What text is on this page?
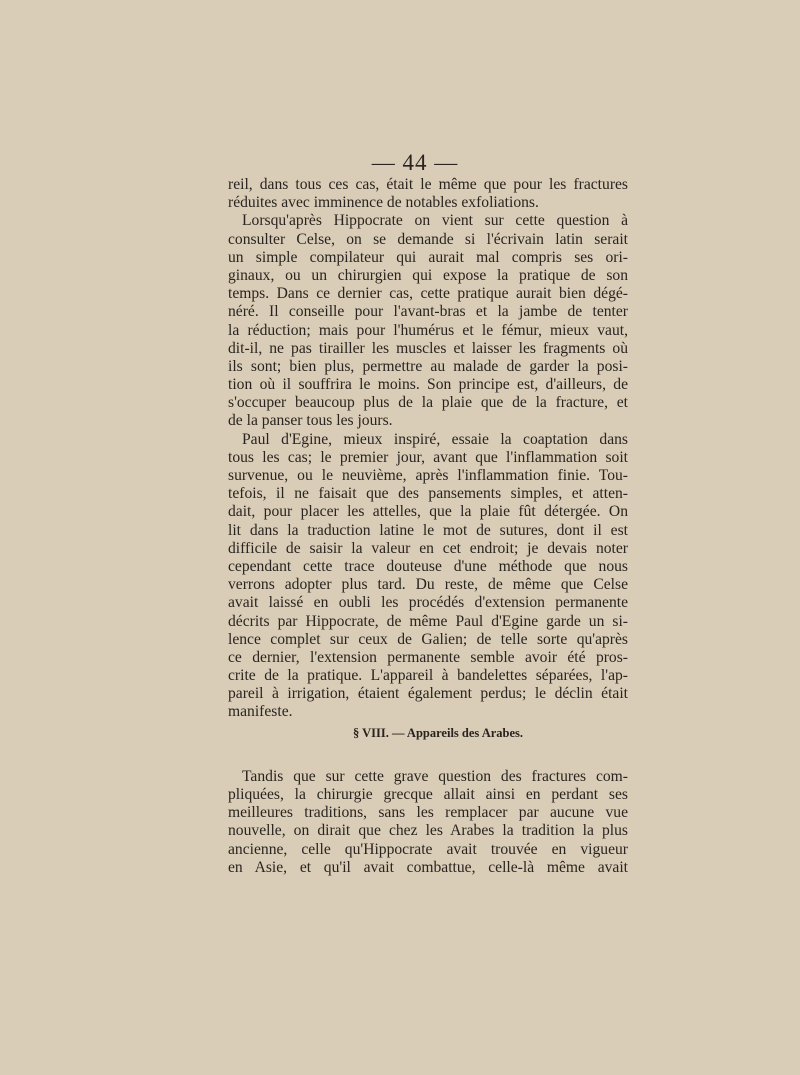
— 44 —
reil, dans tous ces cas, était le même que pour les fractures
réduites avec imminence de notables exfoliations.
Lorsqu'après Hippocrate on vient sur cette question à
consulter Celse, on se demande si l'écrivain latin serait
un simple compilateur qui aurait mal compris ses ori-
ginaux, ou un chirurgien qui expose la pratique de son
temps. Dans ce dernier cas, cette pratique aurait bien dégé-
néré. Il conseille pour l'avant-bras et la jambe de tenter
la réduction; mais pour l'humérus et le fémur, mieux vaut,
dit-il, ne pas tirailler les muscles et laisser les fragments où
ils sont; bien plus, permettre au malade de garder la posi-
tion où il souffrira le moins. Son principe est, d'ailleurs, de
s'occuper beaucoup plus de la plaie que de la fracture, et
de la panser tous les jours.
Paul d'Egine, mieux inspiré, essaie la coaptation dans
tous les cas; le premier jour, avant que l'inflammation soit
survenue, ou le neuvième, après l'inflammation finie. Tou-
tefois, il ne faisait que des pansements simples, et atten-
dait, pour placer les attelles, que la plaie fût détergée. On
lit dans la traduction latine le mot de sutures, dont il est
difficile de saisir la valeur en cet endroit; je devais noter
cependant cette trace douteuse d'une méthode que nous
verrons adopter plus tard. Du reste, de même que Celse
avait laissé en oubli les procédés d'extension permanente
décrits par Hippocrate, de même Paul d'Egine garde un si-
lence complet sur ceux de Galien; de telle sorte qu'après
ce dernier, l'extension permanente semble avoir été pros-
crite de la pratique. L'appareil à bandelettes séparées, l'ap-
pareil à irrigation, étaient également perdus; le déclin était
manifeste.
§ VIII. — Appareils des Arabes.
Tandis que sur cette grave question des fractures com-
pliquées, la chirurgie grecque allait ainsi en perdant ses
meilleures traditions, sans les remplacer par aucune vue
nouvelle, on dirait que chez les Arabes la tradition la plus
ancienne, celle qu'Hippocrate avait trouvée en vigueur
en Asie, et qu'il avait combattue, celle-là même avait
